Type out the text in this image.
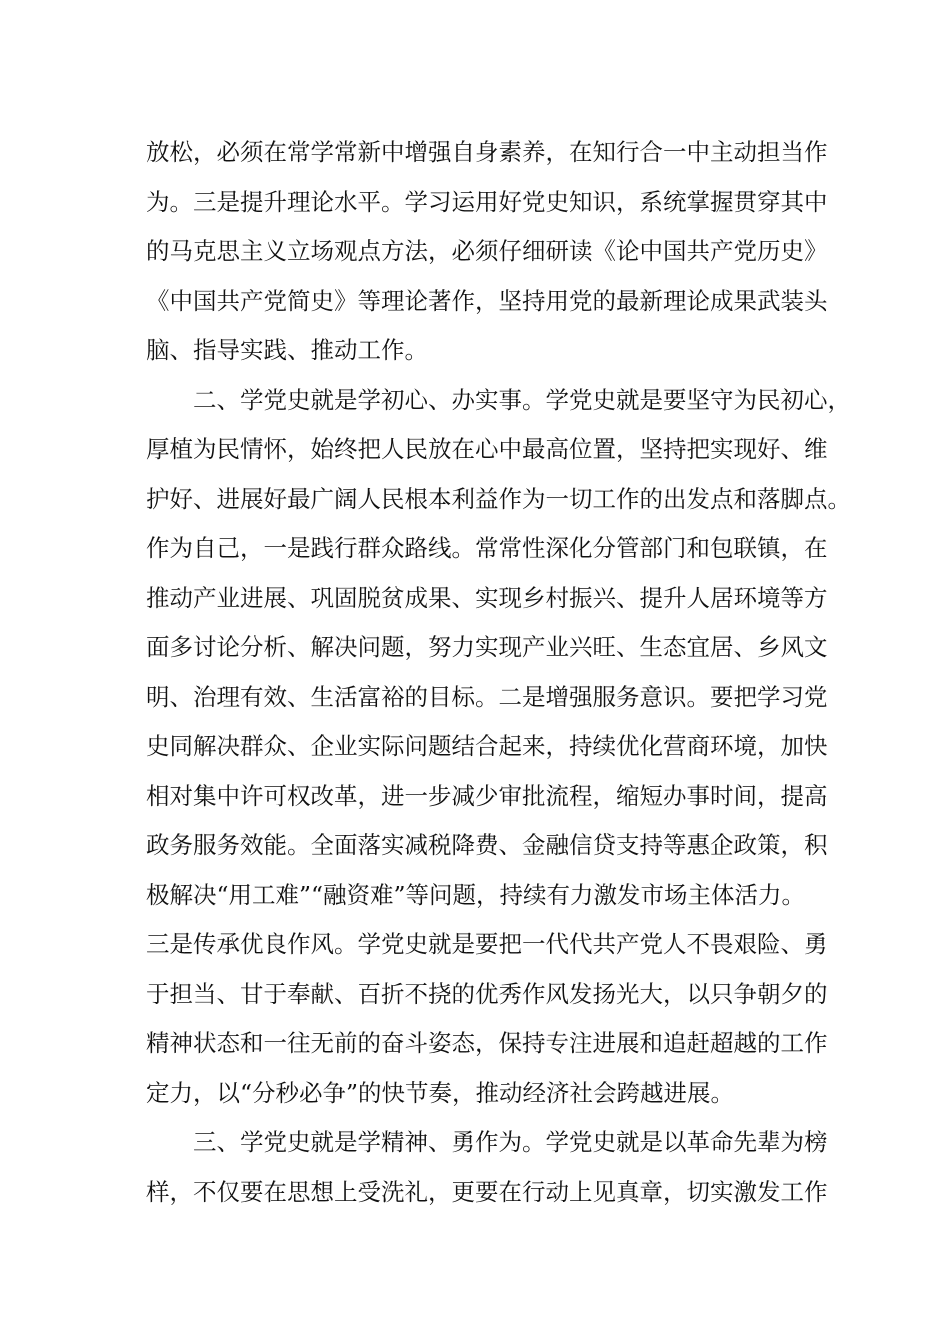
放松，必须在常学常新中增强自身素养，在知行合一中主动担当作
为。三是提升理论水平。学习运用好党史知识，系统掌握贯穿其中
的马克思主义立场观点方法，必须仔细研读《论中国共产党历史》
《中国共产党简史》等理论著作，坚持用党的最新理论成果武装头
脑、指导实践、推动工作。
二、学党史就是学初心、办实事。学党史就是要坚守为民初心，
厚植为民情怀，始终把人民放在心中最高位置，坚持把实现好、维
护好、进展好最广阔人民根本利益作为一切工作的出发点和落脚点。
作为自己，一是践行群众路线。常常性深化分管部门和包联镇，在
推动产业进展、巩固脱贫成果、实现乡村振兴、提升人居环境等方
面多讨论分析、解决问题，努力实现产业兴旺、生态宜居、乡风文
明、治理有效、生活富裕的目标。二是增强服务意识。要把学习党
史同解决群众、企业实际问题结合起来，持续优化营商环境，加快
相对集中许可权改革，进一步减少审批流程，缩短办事时间，提高
政务服务效能。全面落实减税降费、金融信贷支持等惠企政策，积
极解决“用工难”“融资难”等问题，持续有力激发市场主体活力。
三是传承优良作风。学党史就是要把一代代共产党人不畏艰险、勇
于担当、甘于奉献、百折不挠的优秀作风发扬光大，以只争朝夕的
精神状态和一往无前的奋斗姿态，保持专注进展和追赶超越的工作
定力，以“分秒必争”的快节奏，推动经济社会跨越进展。
三、学党史就是学精神、勇作为。学党史就是以革命先辈为榜
样，不仅要在思想上受洗礼，更要在行动上见真章，切实激发工作
